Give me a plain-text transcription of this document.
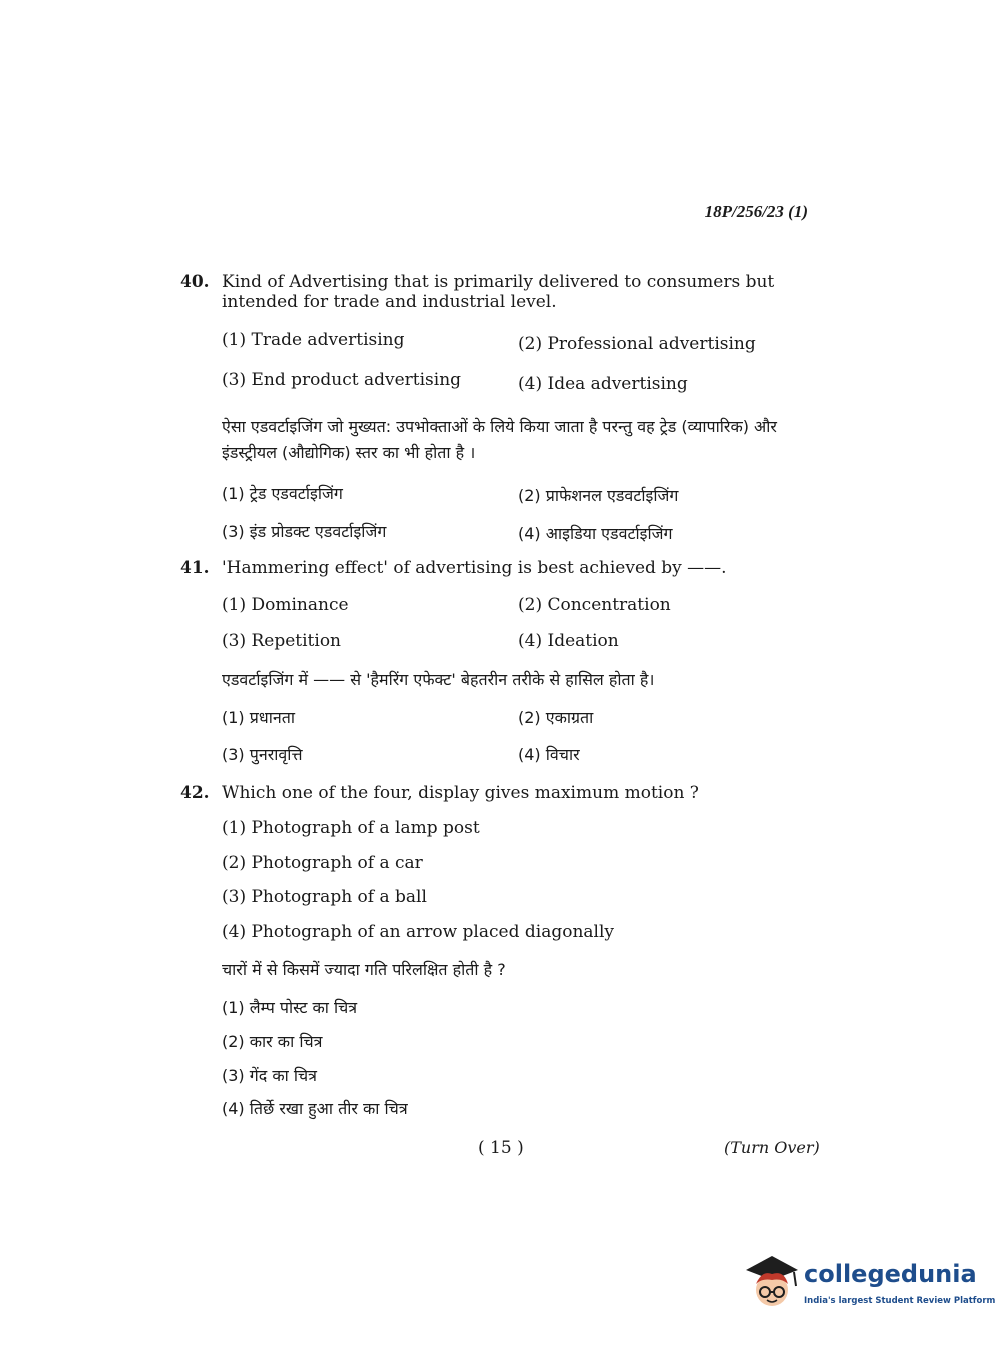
18P/256/23 (1)
40. Kind of Advertising that is primarily delivered to consumers but intended for trade and industrial level.
(1) Trade advertising	(2) Professional advertising
(3) End product advertising	(4) Idea advertising
ऐसा एडवर्टाइजिंग जो मुख्यत: उपभोक्ताओं के लिये किया जाता है परन्तु वह ट्रेड (व्यापारिक) और इंडस्ट्रीयल (औद्योगिक) स्तर का भी होता है ।
(1) ट्रेड एडवर्टाइजिंग	(2) प्राफेशनल एडवर्टाइजिंग
(3) इंड प्रोडक्ट एडवर्टाइजिंग	(4) आइडिया एडवर्टाइजिंग
41. 'Hammering effect' of advertising is best achieved by ——.
(1) Dominance	(2) Concentration
(3) Repetition	(4) Ideation
एडवर्टाइजिंग में —— से 'हैमरिंग एफेक्ट' बेहतरीन तरीके से हासिल होता है।
(1) प्रधानता	(2) एकाग्रता
(3) पुनरावृत्ति	(4) विचार
42. Which one of the four, display gives maximum motion ?
(1) Photograph of a lamp post
(2) Photograph of a car
(3) Photograph of a ball
(4) Photograph of an arrow placed diagonally
चारों में से किसमें ज्यादा गति परिलक्षित होती है ?
(1) लैम्प पोस्ट का चित्र
(2) कार का चित्र
(3) गेंद का चित्र
(4) तिर्छे रखा हुआ तीर का चित्र
( 15 )	(Turn Over)
collegedunia
India's largest Student Review Platform
